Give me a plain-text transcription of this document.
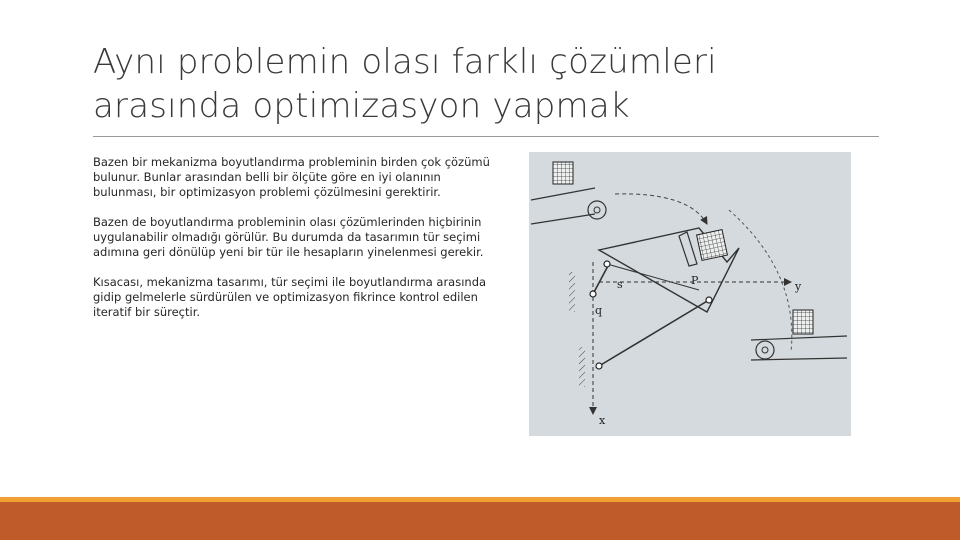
Aynı problemin olası farklı çözümleri
arasında optimizasyon yapmak

Bazen bir mekanizma boyutlandırma probleminin birden çok çözümü bulunur. Bunlar arasından belli bir ölçüte göre en iyi olanının bulunması, bir optimizasyon problemi çözülmesini gerektirir.

Bazen de boyutlandırma probleminin olası çözümlerinden hiçbirinin uygulanabilir olmadığı görülür. Bu durumda da tasarımın tür seçimi adımına geri dönülüp yeni bir tür ile hesapların yinelenmesi gerekir.

Kısacası, mekanizma tasarımı, tür seçimi ile boyutlandırma arasında gidip gelmelerle sürdürülen ve optimizasyon fikrince kontrol edilen iteratif bir süreçtir.

s
q
P	y
x
